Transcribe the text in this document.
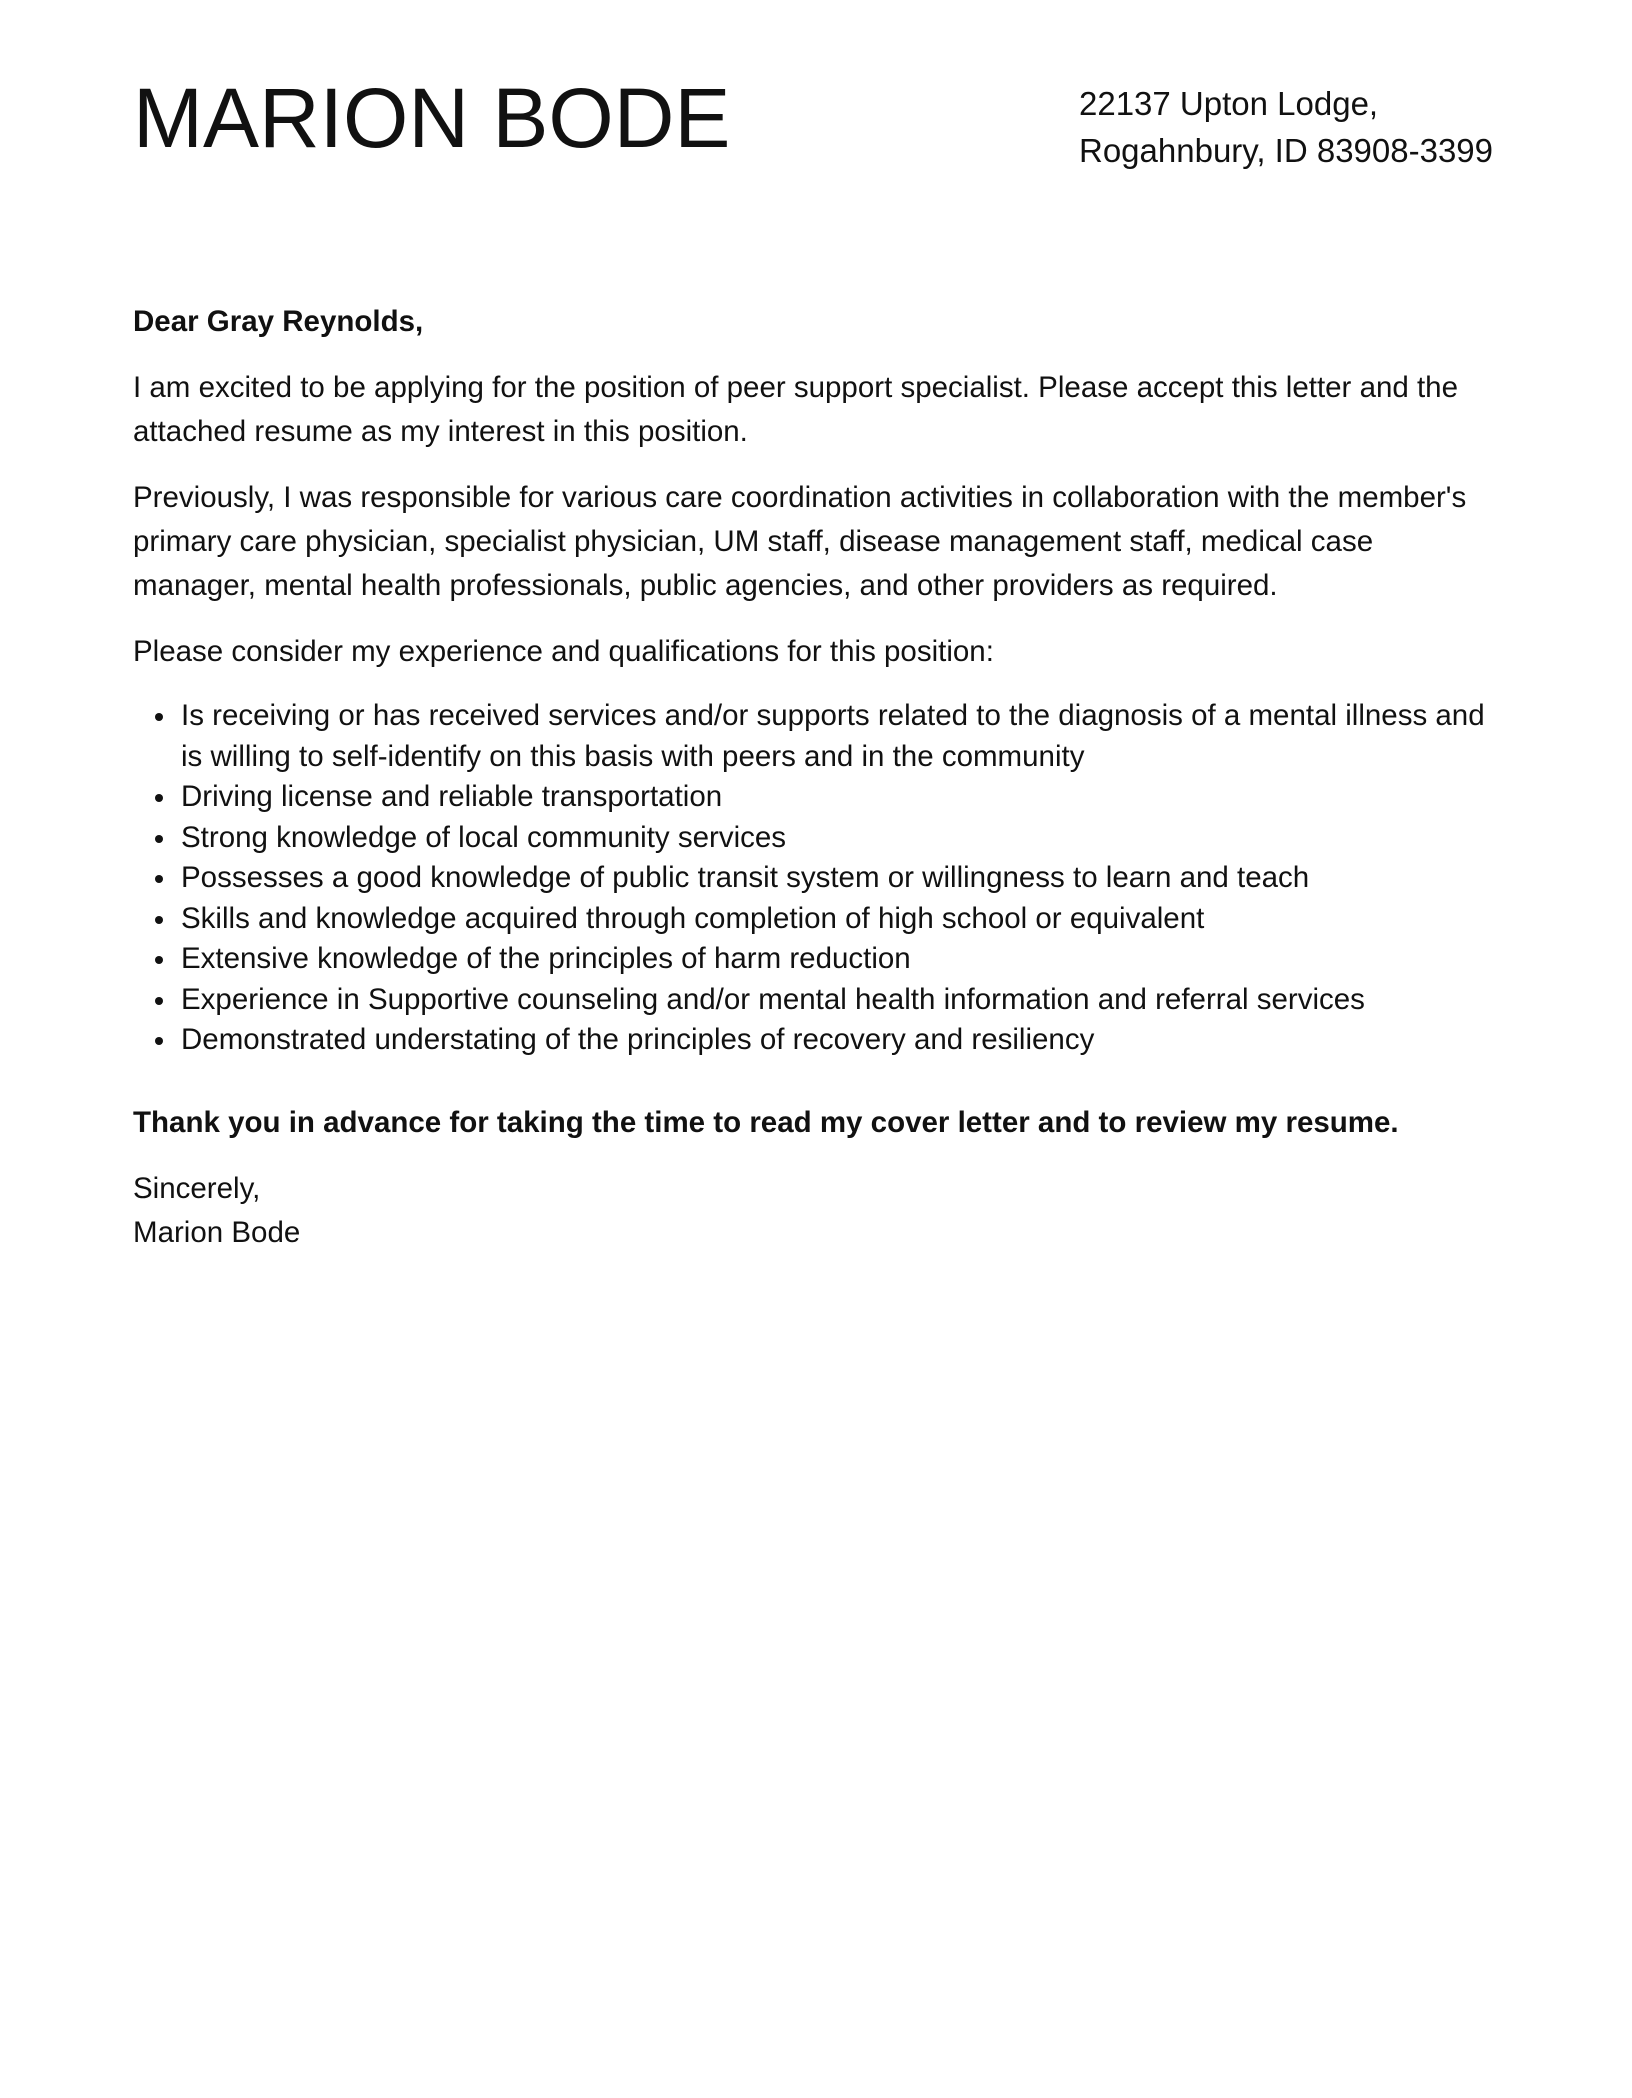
MARION BODE	22137 Upton Lodge,
Rogahnbury, ID 83908-3399

Dear Gray Reynolds,

I am excited to be applying for the position of peer support specialist. Please accept this letter and the attached resume as my interest in this position.

Previously, I was responsible for various care coordination activities in collaboration with the member's primary care physician, specialist physician, UM staff, disease management staff, medical case manager, mental health professionals, public agencies, and other providers as required.

Please consider my experience and qualifications for this position:

Is receiving or has received services and/or supports related to the diagnosis of a mental illness and is willing to self-identify on this basis with peers and in the community
Driving license and reliable transportation
Strong knowledge of local community services
Possesses a good knowledge of public transit system or willingness to learn and teach
Skills and knowledge acquired through completion of high school or equivalent
Extensive knowledge of the principles of harm reduction
Experience in Supportive counseling and/or mental health information and referral services
Demonstrated understating of the principles of recovery and resiliency

Thank you in advance for taking the time to read my cover letter and to review my resume.

Sincerely,
Marion Bode
